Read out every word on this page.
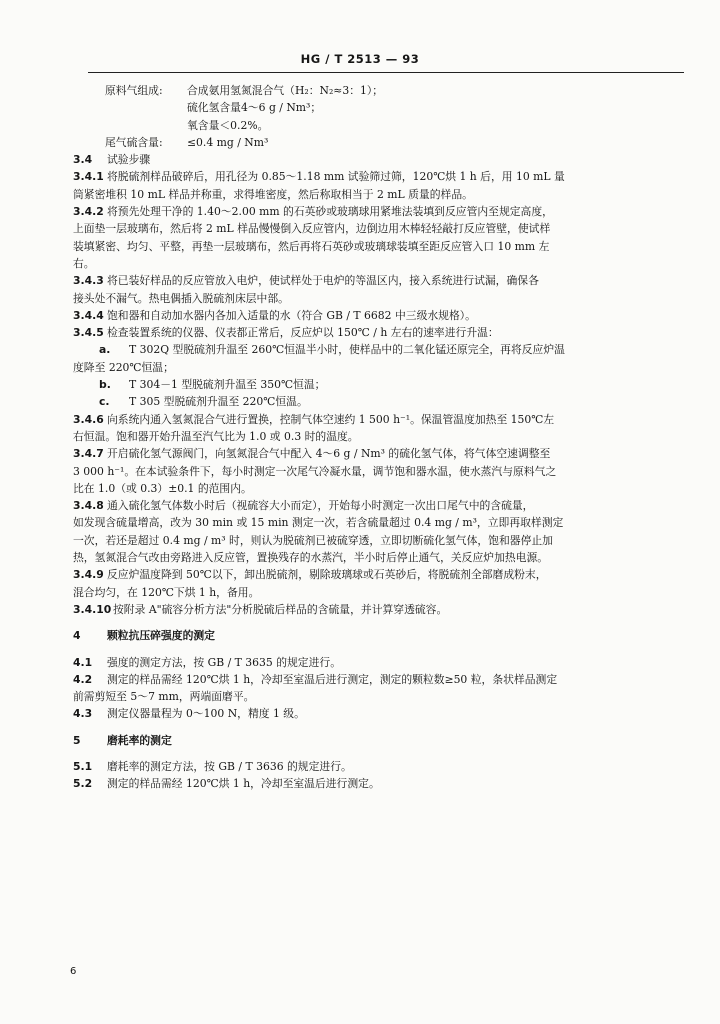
HG / T 2513 — 93
原料气组成: 合成氨用氢氮混合气（H₂：N₂≈3：1）；
硫化氢含量4～6 g / Nm³；
氧含量＜0.2%。
尾气硫含量: ≤0.4 mg / Nm³
3.4 试验步骤
3.4.1 将脱硫剂样品破碎后，用孔径为 0.85～1.18 mm 试验筛过筛，120℃烘 1 h 后，用 10 mL 量
筒紧密堆积 10 mL 样品并称重，求得堆密度，然后称取相当于 2 mL 质量的样品。
3.4.2 将预先处理干净的 1.40～2.00 mm 的石英砂或玻璃球用紧堆法装填到反应管内至规定高度，
上面垫一层玻璃布，然后将 2 mL 样品慢慢倒入反应管内，边倒边用木棒轻轻敲打反应管壁，使试样
装填紧密、均匀、平整，再垫一层玻璃布，然后再将石英砂或玻璃球装填至距反应管入口 10 mm 左
右。
3.4.3 将已装好样品的反应管放入电炉，使试样处于电炉的等温区内，接入系统进行试漏，确保各
接头处不漏气。热电偶插入脱硫剂床层中部。
3.4.4 饱和器和自动加水器内各加入适量的水（符合 GB / T 6682 中三级水规格）。
3.4.5 检查装置系统的仪器、仪表都正常后，反应炉以 150℃ / h 左右的速率进行升温：
a. T 302Q 型脱硫剂升温至 260℃恒温半小时，使样品中的二氧化锰还原完全，再将反应炉温
度降至 220℃恒温；
b. T 304－1 型脱硫剂升温至 350℃恒温；
c. T 305 型脱硫剂升温至 220℃恒温。
3.4.6 向系统内通入氢氮混合气进行置换，控制气体空速约 1 500 h⁻¹。保温管温度加热至 150℃左
右恒温。饱和器开始升温至汽气比为 1.0 或 0.3 时的温度。
3.4.7 开启硫化氢气源阀门，向氢氮混合气中配入 4～6 g / Nm³ 的硫化氢气体，将气体空速调整至
3 000 h⁻¹。在本试验条件下，每小时测定一次尾气冷凝水量，调节饱和器水温，使水蒸汽与原料气之
比在 1.0（或 0.3）±0.1 的范围内。
3.4.8 通入硫化氢气体数小时后（视硫容大小而定），开始每小时测定一次出口尾气中的含硫量，
如发现含硫量增高，改为 30 min 或 15 min 测定一次，若含硫量超过 0.4 mg / m³，立即再取样测定
一次，若还是超过 0.4 mg / m³ 时，则认为脱硫剂已被硫穿透，立即切断硫化氢气体，饱和器停止加
热，氢氮混合气改由旁路进入反应管，置换残存的水蒸汽，半小时后停止通气，关反应炉加热电源。
3.4.9 反应炉温度降到 50℃以下，卸出脱硫剂，剔除玻璃球或石英砂后，将脱硫剂全部磨成粉末，
混合均匀，在 120℃下烘 1 h，备用。
3.4.10 按附录 A"硫容分析方法"分析脱硫后样品的含硫量，并计算穿透硫容。
4 颗粒抗压碎强度的测定
4.1 强度的测定方法，按 GB / T 3635 的规定进行。
4.2 测定的样品需经 120℃烘 1 h，冷却至室温后进行测定，测定的颗粒数≥50 粒，条状样品测定
前需剪短至 5～7 mm，两端面磨平。
4.3 测定仪器量程为 0～100 N，精度 1 级。
5 磨耗率的测定
5.1 磨耗率的测定方法，按 GB / T 3636 的规定进行。
5.2 测定的样品需经 120℃烘 1 h，冷却至室温后进行测定。
6
